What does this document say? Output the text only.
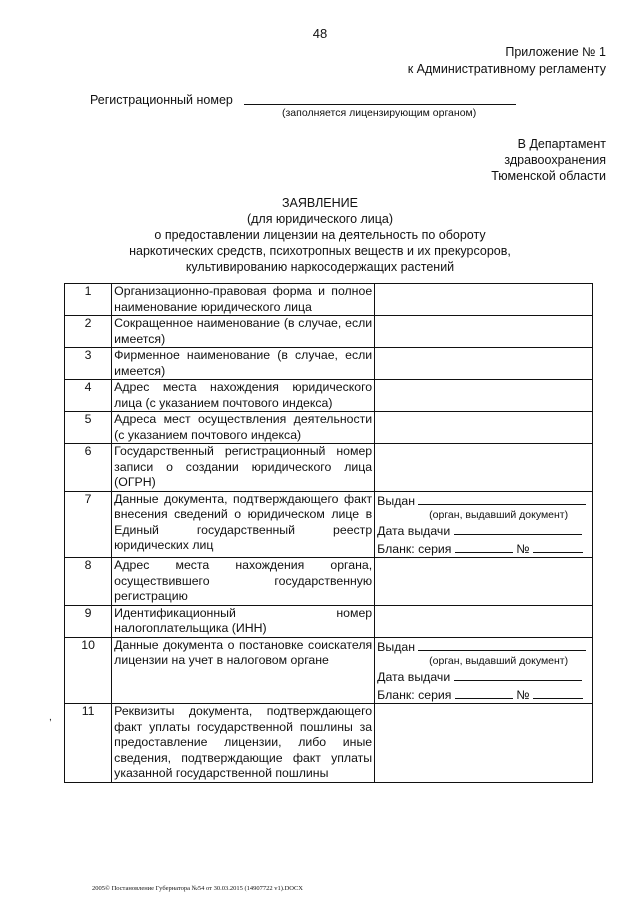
48
Приложение № 1
к Административному регламенту
Регистрационный номер
(заполняется лицензирующим органом)
В Департамент
здравоохранения
Тюменской области
ЗАЯВЛЕНИЕ
(для юридического лица)
о предоставлении лицензии на деятельность по обороту
наркотических средств, психотропных веществ и их прекурсоров,
культивированию наркосодержащих растений
1	Организационно-правовая форма и полное наименование юридического лица	
2	Сокращенное наименование (в случае, если имеется)	
3	Фирменное наименование (в случае, если имеется)	
4	Адрес места нахождения юридического лица (с указанием почтового индекса)	
5	Адреса мест осуществления деятельности (с указанием почтового индекса)	
6	Государственный регистрационный номер записи о создании юридического лица (ОГРН)	
7	Данные документа, подтверждающего факт внесения сведений о юридическом лице в Единый государственный реестр юридических лиц	Выдан
(орган, выдавший документ)
Дата выдачи
Бланк: серия №

8	Адрес места нахождения органа, осуществившего государственную регистрацию	
9	Идентификационный номер налогоплательщика (ИНН)	
10	Данные документа о постановке соискателя лицензии на учет в налоговом органе	Выдан
(орган, выдавший документ)
Дата выдачи
Бланк: серия №

11	Реквизиты документа, подтверждающего факт уплаты государственной пошлины за предоставление лицензии, либо иные сведения, подтверждающие факт уплаты указанной государственной пошлины	
,
2005© Постановление Губернатора №54 от 30.03.2015 (14907722 v1).DOCX
